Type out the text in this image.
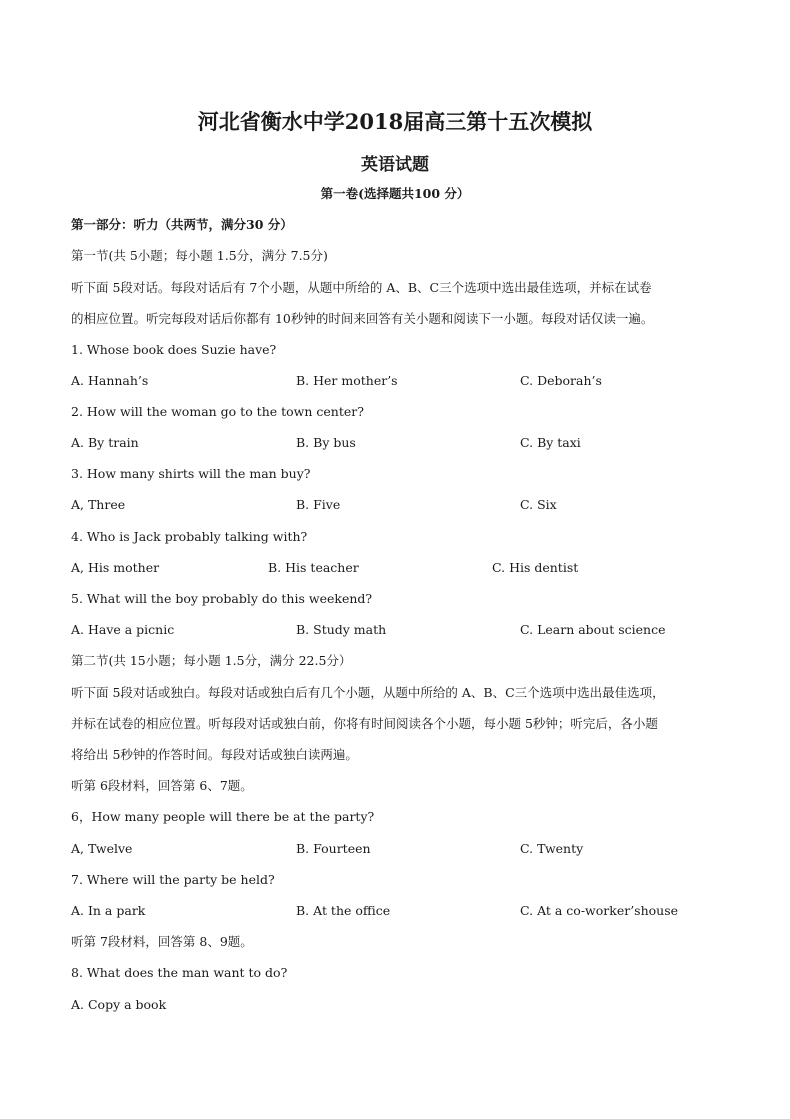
河北省衡水中学2018届高三第十五次模拟
英语试题
第一卷(选择题共100 分）
第一部分：听力（共两节，满分30 分）
第一节(共 5小题；每小题 1.5分，满分 7.5分)
听下面 5段对话。每段对话后有 7个小题，从题中所给的 A、B、C三个选项中选出最佳选项，并标在试卷
的相应位置。听完每段对话后你都有 10秒钟的时间来回答有关小题和阅读下一小题。每段对话仅读一遍。
1. Whose book does Suzie have?
A. Hannah’s	B. Her mother’s	C. Deborah’s
2. How will the woman go to the town center?
A. By train	B. By bus	C. By taxi
3. How many shirts will the man buy?
A, Three	B. Five	C. Six
4. Who is Jack probably talking with?
A, His mother	B. His teacher	C. His dentist
5. What will the boy probably do this weekend?
A. Have a picnic	B. Study math	C. Learn about science
第二节(共 15小题；每小题 1.5分，满分 22.5分）
听下面 5段对话或独白。每段对话或独白后有几个小题，从题中所给的 A、B、C三个选项中选出最佳选项，
并标在试卷的相应位置。听每段对话或独白前，你将有时间阅读各个小题，每小题 5秒钟；听完后，各小题
将给出 5秒钟的作答时间。每段对话或独白读两遍。
听第 6段材料，回答第 6、7题。
6，How many people will there be at the party?
A, Twelve	B. Fourteen	C. Twenty
7. Where will the party be held?
A. In a park	B. At the office	C. At a co-worker’shouse
听第 7段材料，回答第 8、9题。
8. What does the man want to do?
A. Copy a book
